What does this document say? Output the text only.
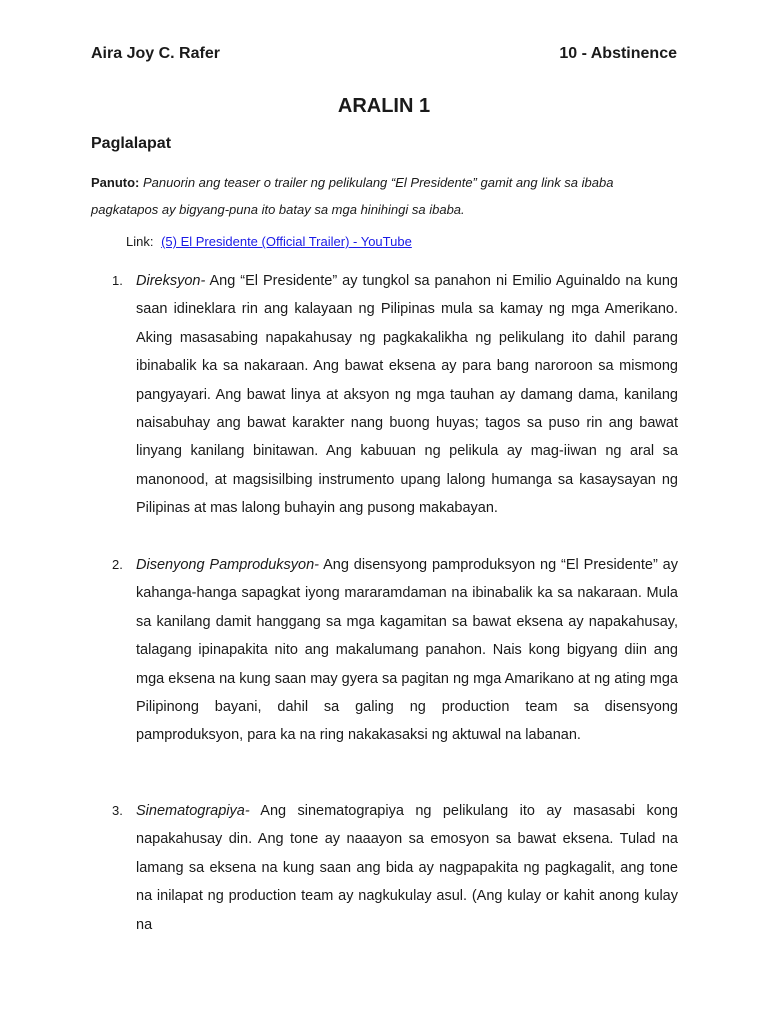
Aira Joy C. Rafer	10 - Abstinence
ARALIN 1
Paglalapat
Panuto: Panuorin ang teaser o trailer ng pelikulang “El Presidente” gamit ang link sa ibaba pagkatapos ay bigyang-puna ito batay sa mga hinihingi sa ibaba.
Link: (5) El Presidente (Official Trailer) - YouTube
1. Direksyon- Ang “El Presidente” ay tungkol sa panahon ni Emilio Aguinaldo na kung saan idineklara rin ang kalayaan ng Pilipinas mula sa kamay ng mga Amerikano. Aking masasabing napakahusay ng pagkakalikha ng pelikulang ito dahil parang ibinabalik ka sa nakaraan. Ang bawat eksena ay para bang naroroon sa mismong pangyayari. Ang bawat linya at aksyon ng mga tauhan ay damang dama, kanilang naisabuhay ang bawat karakter nang buong huyas; tagos sa puso rin ang bawat linyang kanilang binitawan. Ang kabuuan ng pelikula ay mag-iiwan ng aral sa manonood, at magsisilbing instrumento upang lalong humanga sa kasaysayan ng Pilipinas at mas lalong buhayin ang pusong makabayan.
2. Disenyong Pamproduksyon- Ang disensyong pamproduksyon ng “El Presidente” ay kahanga-hanga sapagkat iyong mararamdaman na ibinabalik ka sa nakaraan. Mula sa kanilang damit hanggang sa mga kagamitan sa bawat eksena ay napakahusay, talagang ipinapakita nito ang makalumang panahon. Nais kong bigyang diin ang mga eksena na kung saan may gyera sa pagitan ng mga Amarikano at ng ating mga Pilipinong bayani, dahil sa galing ng production team sa disensyong pamproduksyon, para ka na ring nakakasaksi ng aktuwal na labanan.
3. Sinematograpiya- Ang sinematograpiya ng pelikulang ito ay masasabi kong napakahusay din. Ang tone ay naaayon sa emosyon sa bawat eksena. Tulad na lamang sa eksena na kung saan ang bida ay nagpapakita ng pagkagalit, ang tone na inilapat ng production team ay nagkukulay asul. (Ang kulay or kahit anong kulay na
